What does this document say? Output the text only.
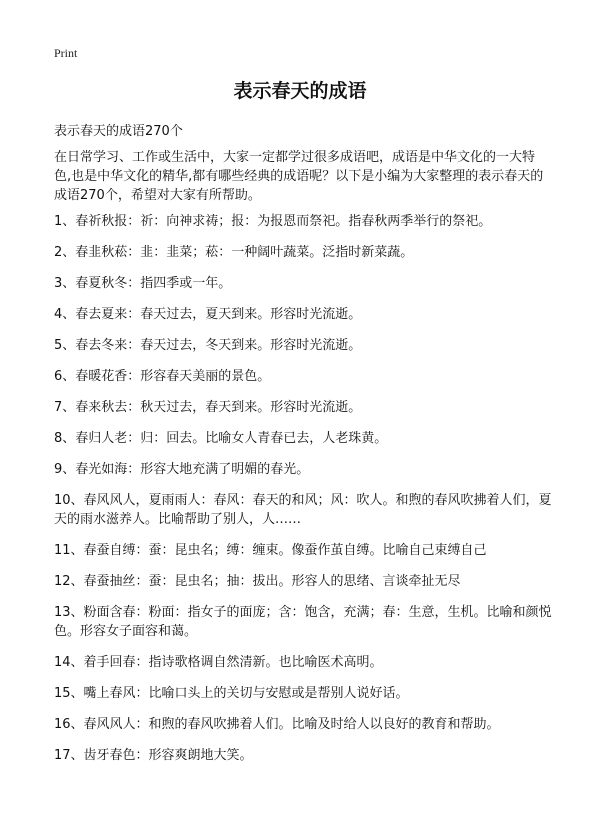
Print
表示春天的成语
表示春天的成语270个
在日常学习、工作或生活中，大家一定都学过很多成语吧，成语是中华文化的一大特色,也是中华文化的精华,都有哪些经典的成语呢？以下是小编为大家整理的表示春天的成语270个，希望对大家有所帮助。
1、春祈秋报：祈：向神求祷；报：为报恩而祭祀。指春秋两季举行的祭祀。
2、春韭秋菘：韭：韭菜；菘：一种阔叶蔬菜。泛指时新菜蔬。
3、春夏秋冬：指四季或一年。
4、春去夏来：春天过去，夏天到来。形容时光流逝。
5、春去冬来：春天过去，冬天到来。形容时光流逝。
6、春暖花香：形容春天美丽的景色。
7、春来秋去：秋天过去，春天到来。形容时光流逝。
8、春归人老：归：回去。比喻女人青春已去，人老珠黄。
9、春光如海：形容大地充满了明媚的春光。
10、春风风人，夏雨雨人：春风：春天的和风；风：吹人。和煦的春风吹拂着人们，夏天的雨水滋养人。比喻帮助了别人，人……
11、春蚕自缚：蚕：昆虫名；缚：缠束。像蚕作茧自缚。比喻自己束缚自己
12、春蚕抽丝：蚕：昆虫名；抽：拔出。形容人的思绪、言谈牵扯无尽
13、粉面含春：粉面：指女子的面庞；含：饱含，充满；春：生意，生机。比喻和颜悦色。形容女子面容和蔼。
14、着手回春：指诗歌格调自然清新。也比喻医术高明。
15、嘴上春风：比喻口头上的关切与安慰或是帮别人说好话。
16、春风风人：和煦的春风吹拂着人们。比喻及时给人以良好的教育和帮助。
17、齿牙春色：形容爽朗地大笑。
